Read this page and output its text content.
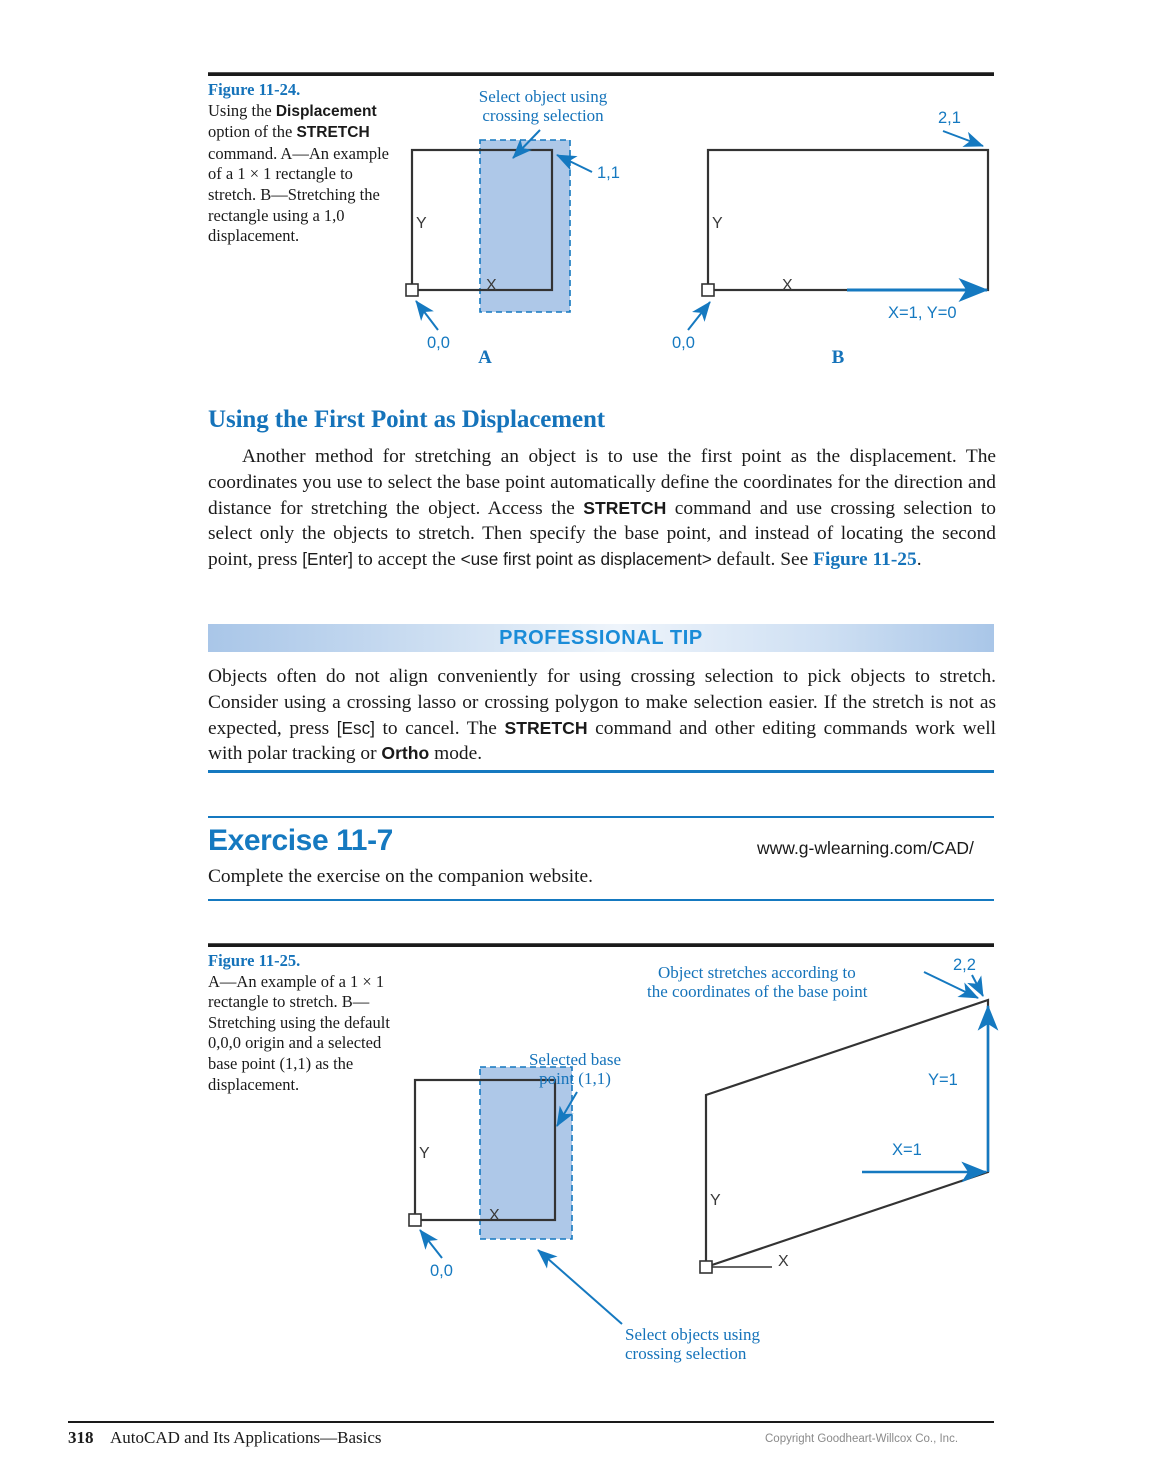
Figure 11-24.
Using the Displacement option of the STRETCH command. A—An example of a 1 × 1 rectangle to stretch. B—Stretching the rectangle using a 1,0 displacement.
Y
X
Select object using
crossing selection
1,1
0,0
A
Y
X
2,1
X=1, Y=0
0,0
B
Using the First Point as Displacement
Another method for stretching an object is to use the first point as the displacement. The coordinates you use to select the base point automatically define the coordinates for the direction and distance for stretching the object. Access the STRETCH command and use crossing selection to select only the objects to stretch. Then specify the base point, and instead of locating the second point, press [Enter] to accept the <use first point as displacement> default. See Figure 11-25.
PROFESSIONAL TIP
Objects often do not align conveniently for using crossing selection to pick objects to stretch. Consider using a crossing lasso or crossing polygon to make selection easier. If the stretch is not as expected, press [Esc] to cancel. The STRETCH command and other editing commands work well with polar tracking or Ortho mode.
Exercise 11-7	www.g-wlearning.com/CAD/
Complete the exercise on the companion website.
Figure 11-25.
A—An example of a 1 × 1 rectangle to stretch. B—Stretching using the default 0,0,0 origin and a selected base point (1,1) as the displacement.
Y
X
Selected base
point (1,1)
0,0
Select objects using
crossing selection
X
Y
Object stretches according to
the coordinates of the base point
2,2
X=1
Y=1
318 AutoCAD and Its Applications—Basics	Copyright Goodheart-Willcox Co., Inc.
